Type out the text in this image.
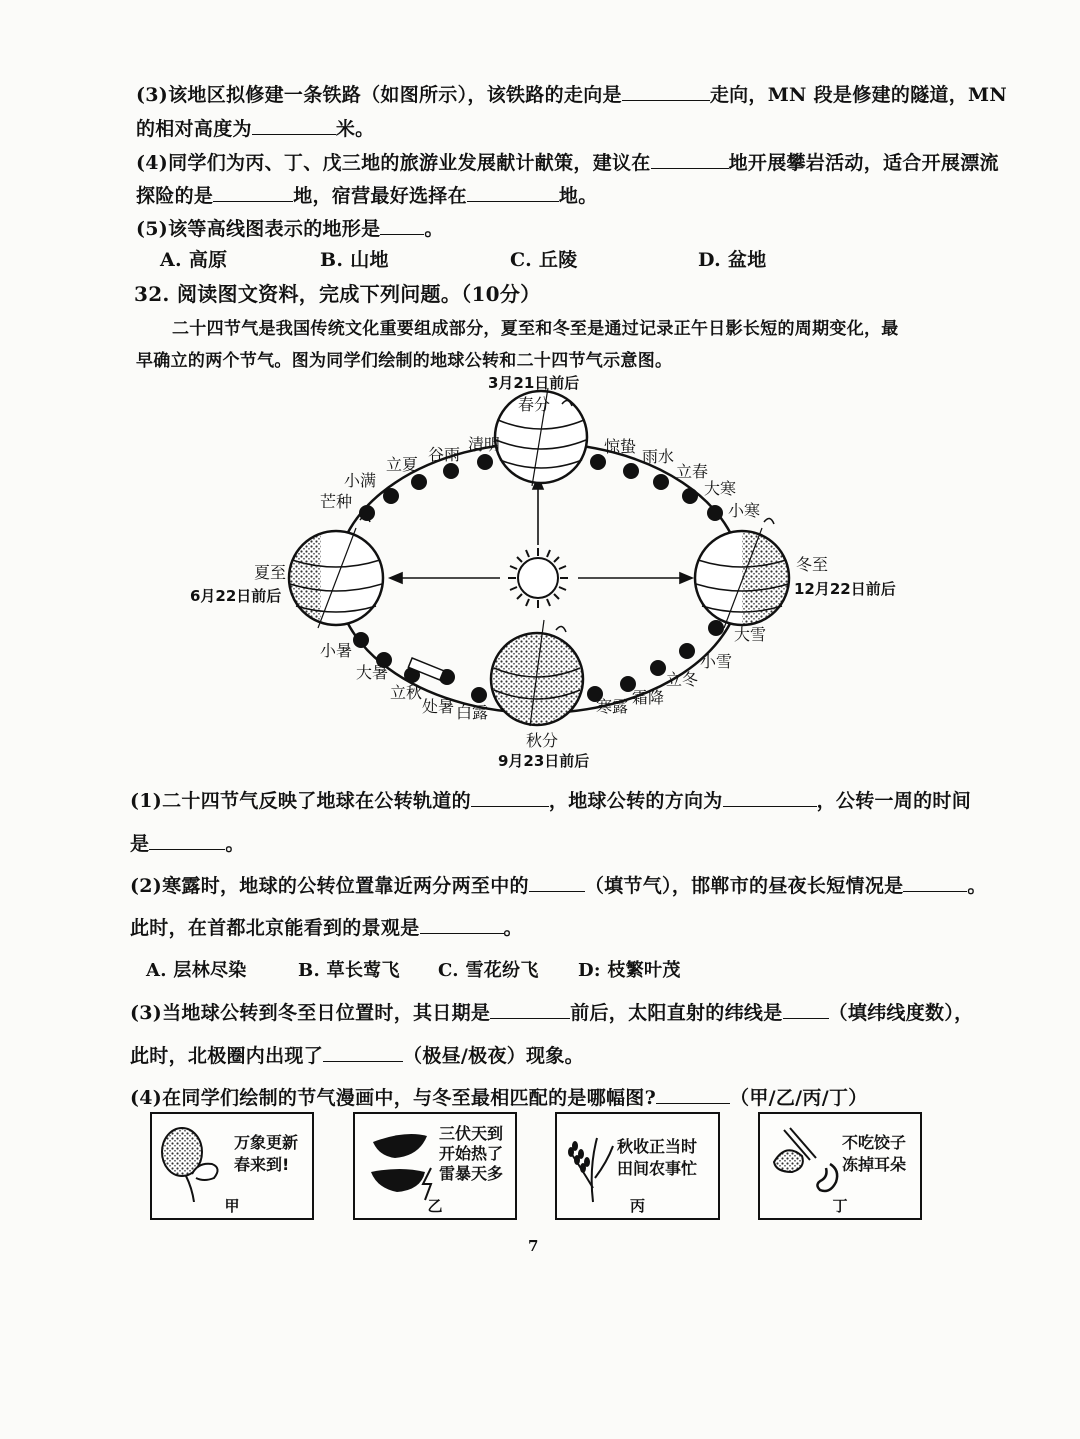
(3)该地区拟修建一条铁路（如图所示），该铁路的走向是	走向，MN 段是修建的隧道，MN
的相对高度为	米。
(4)同学们为丙、丁、戊三地的旅游业发展献计献策，建议在	地开展攀岩活动，适合开展漂流
探险的是	地，宿营最好选择在	地。
(5)该等高线图表示的地形是 。
A. 高原	B. 山地	C. 丘陵	D. 盆地
32. 阅读图文资料，完成下列问题。（10分）
二十四节气是我国传统文化重要组成部分，夏至和冬至是通过记录正午日影长短的周期变化，最
早确立的两个节气。图为同学们绘制的地球公转和二十四节气示意图。
3月21日前后
春分
夏至
6月22日前后
冬至
12月22日前后
秋分
9月23日前后
清明
谷雨
立夏
小满
芒种
惊蛰
雨水
立春
大寒
小寒
小暑
大暑
立秋
处暑 白露	寒露 霜降
立冬
小雪
大雪
(1)二十四节气反映了地球在公转轨道的	，地球公转的方向为	，公转一周的时间
是	。
(2)寒露时，地球的公转位置靠近两分两至中的	（填节气），邯郸市的昼夜长短情况是	。
此时，在首都北京能看到的景观是	。
A. 层林尽染	B. 草长莺飞 C. 雪花纷飞 D: 枝繁叶茂
(3)当地球公转到冬至日位置时，其日期是	前后，太阳直射的纬线是 （填纬线度数），
此时，北极圈内出现了	（极昼/极夜）现象。
(4)在同学们绘制的节气漫画中，与冬至最相匹配的是哪幅图?	（甲/乙/丙/丁）
万象更新
春来到!
甲
三伏天到
开始热了
雷暴天多
乙
秋收正当时
田间农事忙
丙
不吃饺子
冻掉耳朵
丁
7
